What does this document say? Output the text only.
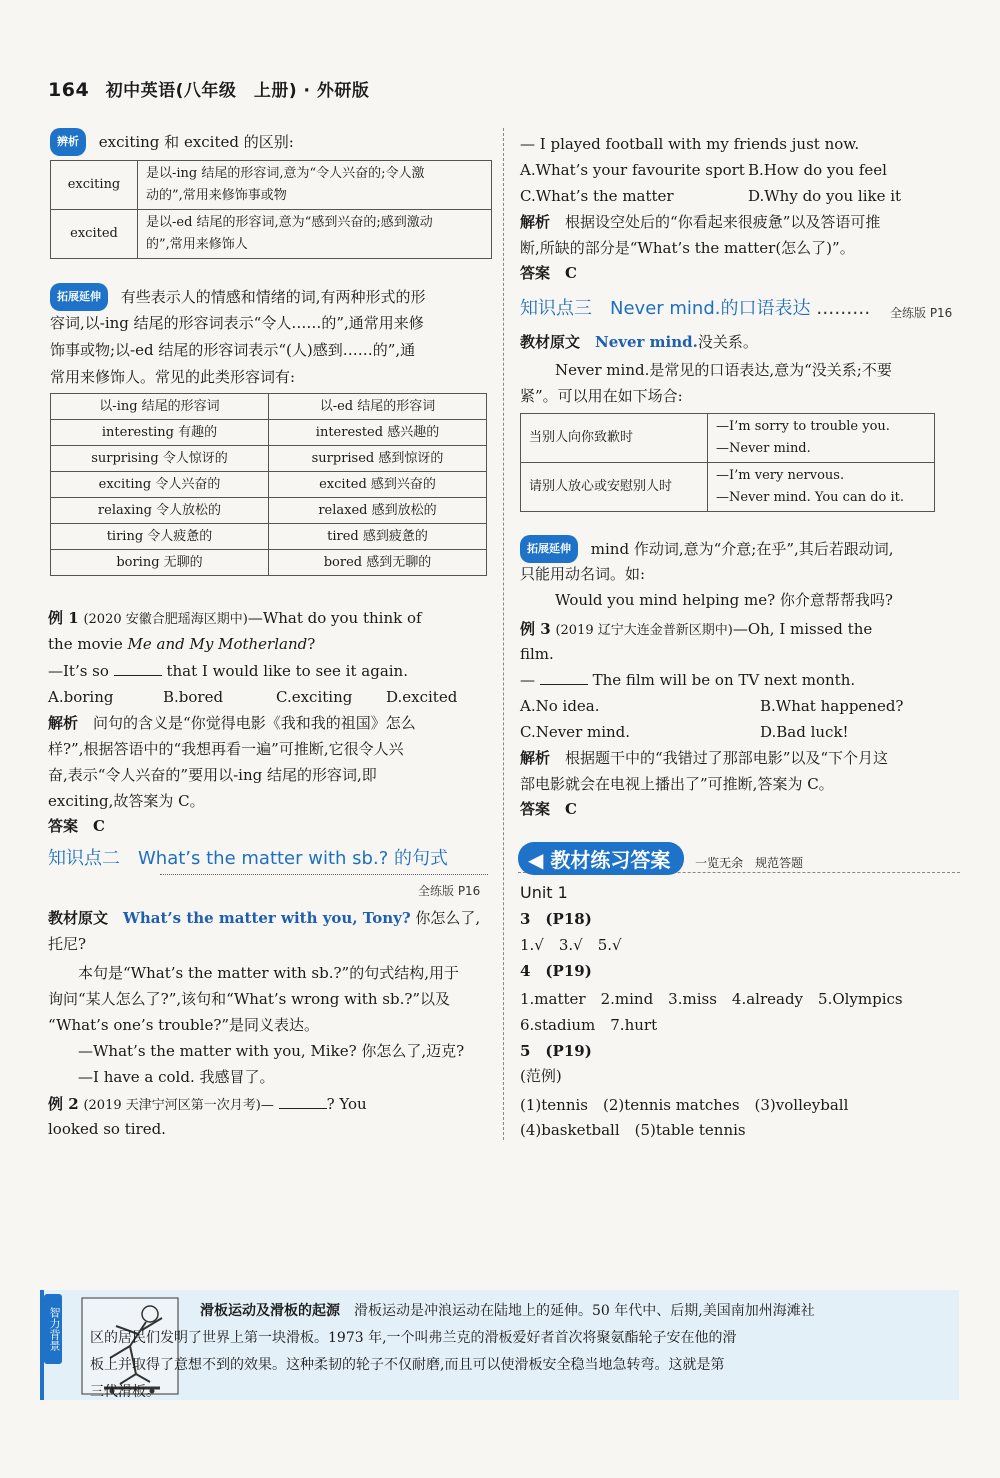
164 初中英语(八年级　上册) · 外研版
辨析 exciting 和 excited 的区别:
exciting	是以-ing 结尾的形容词,意为“令人兴奋的;令人激
动的”,常用来修饰事或物
excited	是以-ed 结尾的形容词,意为“感到兴奋的;感到激动
的”,常用来修饰人
拓展延伸 有些表示人的情感和情绪的词,有两种形式的形
容词,以-ing 结尾的形容词表示“令人……的”,通常用来修
饰事或物;以-ed 结尾的形容词表示“(人)感到……的”,通
常用来修饰人。常见的此类形容词有:
以-ing 结尾的形容词	以-ed 结尾的形容词
interesting 有趣的	interested 感兴趣的
surprising 令人惊讶的	surprised 感到惊讶的
exciting 令人兴奋的	excited 感到兴奋的
relaxing 令人放松的	relaxed 感到放松的
tiring 令人疲惫的	tired 感到疲惫的
boring 无聊的	bored 感到无聊的
例 1 (2020 安徽合肥瑶海区期中)—What do you think of
the movie Me and My Motherland?
—It’s so	that I would like to see it again.
A.boring	B.bored	C.exciting D.excited
解析　 问句的含义是“你觉得电影《我和我的祖国》怎么
样?”,根据答语中的“我想再看一遍”可推断,它很令人兴
奋,表示“令人兴奋的”要用以-ing 结尾的形容词,即
exciting,故答案为 C。
答案　 C
知识点二　What’s the matter with sb.? 的句式
全练版 P16
教材原文　 What’s the matter with you, Tony? 你怎么了,
托尼?
本句是“What’s the matter with sb.?”的句式结构,用于
询问“某人怎么了?”,该句和“What’s wrong with sb.?”以及
“What’s one’s trouble?”是同义表达。
—What’s the matter with you, Mike? 你怎么了,迈克?
—I have a cold. 我感冒了。
例 2 (2019 天津宁河区第一次月考)—	? You
looked so tired.
— I played football with my friends just now.
A.What’s your favourite sport B.How do you feel
C.What’s the matter	D.Why do you like it
解析　 根据设空处后的“你看起来很疲惫”以及答语可推
断,所缺的部分是“What’s the matter(怎么了)”。
答案　 C
知识点三　Never mind.的口语表达 ……… 全练版 P16
教材原文　 Never mind.没关系。
Never mind.是常见的口语表达,意为“没关系;不要
紧”。可以用在如下场合:
当别人向你致歉时	—I’m sorry to trouble you.
—Never mind.
请别人放心或安慰别人时	—I’m very nervous.
—Never mind. You can do it.
拓展延伸 mind 作动词,意为“介意;在乎”,其后若跟动词,
只能用动名词。如:
Would you mind helping me? 你介意帮帮我吗?
例 3 (2019 辽宁大连金普新区期中)—Oh, I missed the
film.
—	The film will be on TV next month.
A.No idea.	B.What happened?
C.Never mind.	D.Bad luck!
解析　 根据题干中的“我错过了那部电影”以及“下个月这
部电影就会在电视上播出了”可推断,答案为 C。
答案　 C
◀︎ 教材练习答案 一览无余　规范答题
Unit 1
3　(P18)
1.√　3.√　5.√
4　(P19)
1.matter　2.mind　3.miss　4.already　5.Olympics
6.stadium　7.hurt
5　(P19)
(范例)
(1)tennis　(2)tennis matches　(3)volleyball
(4)basketball　(5)table tennis
智力背景	滑板运动及滑板的起源　 滑板运动是冲浪运动在陆地上的延伸。50 年代中、后期,美国南加州海滩社
区的居民们发明了世界上第一块滑板。1973 年,一个叫弗兰克的滑板爱好者首次将聚氨酯轮子安在他的滑
板上并取得了意想不到的效果。这种柔韧的轮子不仅耐磨,而且可以使滑板安全稳当地急转弯。这就是第
三代滑板。
